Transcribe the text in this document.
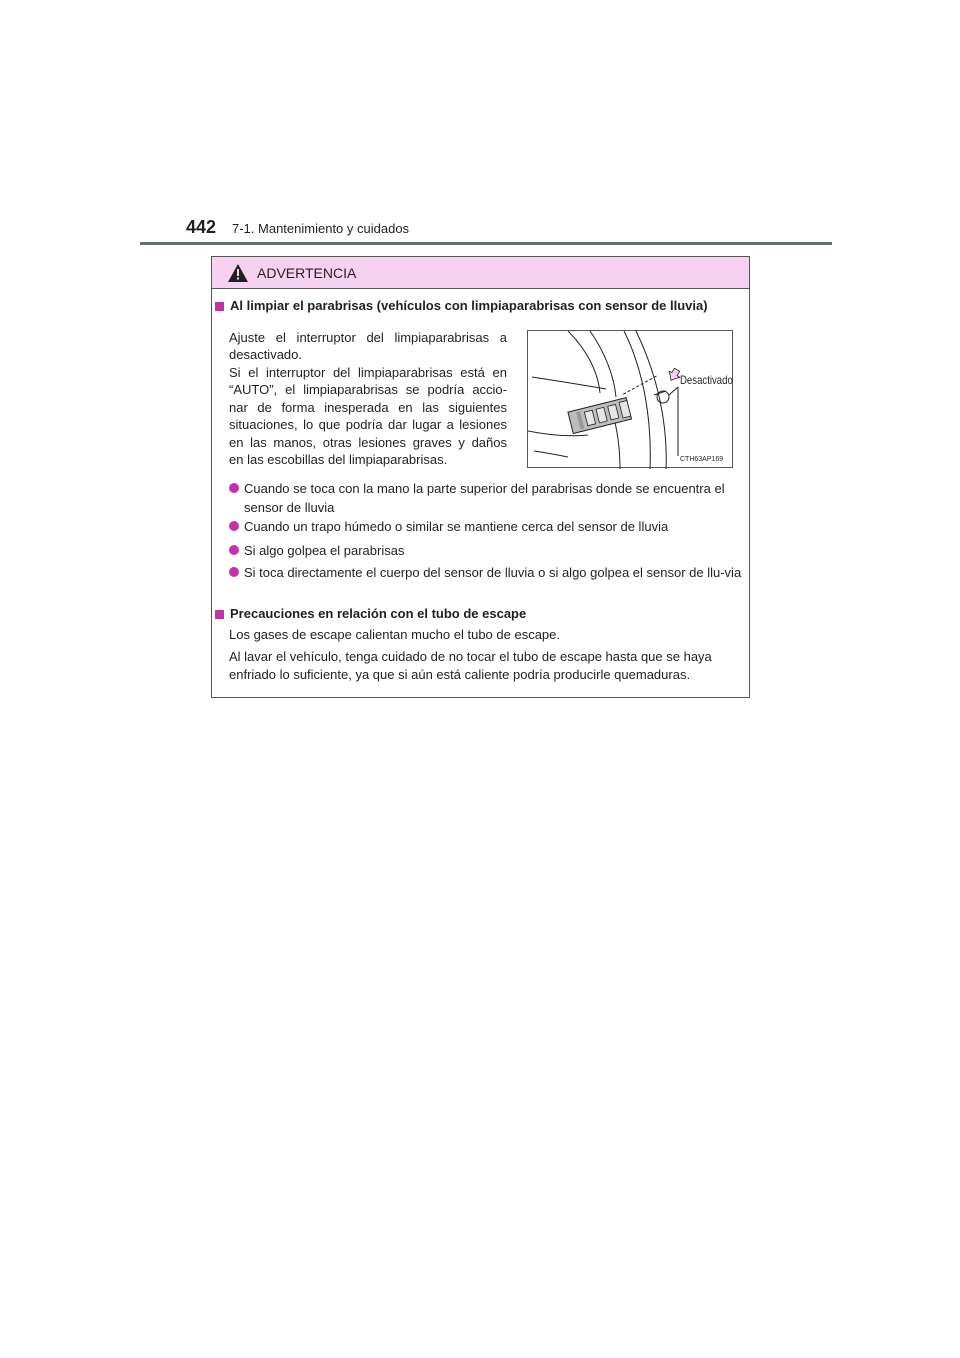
442 7-1. Mantenimiento y cuidados
ADVERTENCIA
Al limpiar el parabrisas (vehículos con limpiaparabrisas con sensor de lluvia)
Ajuste el interruptor del limpiaparabrisas a
desactivado.
Si el interruptor del limpiaparabrisas está en
“AUTO”, el limpiaparabrisas se podría accio-
nar de forma inesperada en las siguientes
situaciones, lo que podría dar lugar a lesiones
en las manos, otras lesiones graves y daños
en las escobillas del limpiaparabrisas.
Desactivado
CTH63AP169
Cuando se toca con la mano la parte superior del parabrisas donde se encuentra el sensor de lluvia
Cuando un trapo húmedo o similar se mantiene cerca del sensor de lluvia
Si algo golpea el parabrisas
Si toca directamente el cuerpo del sensor de lluvia o si algo golpea el sensor de llu-via
Precauciones en relación con el tubo de escape
Los gases de escape calientan mucho el tubo de escape.
Al lavar el vehículo, tenga cuidado de no tocar el tubo de escape hasta que se haya
enfriado lo suficiente, ya que si aún está caliente podría producirle quemaduras.
